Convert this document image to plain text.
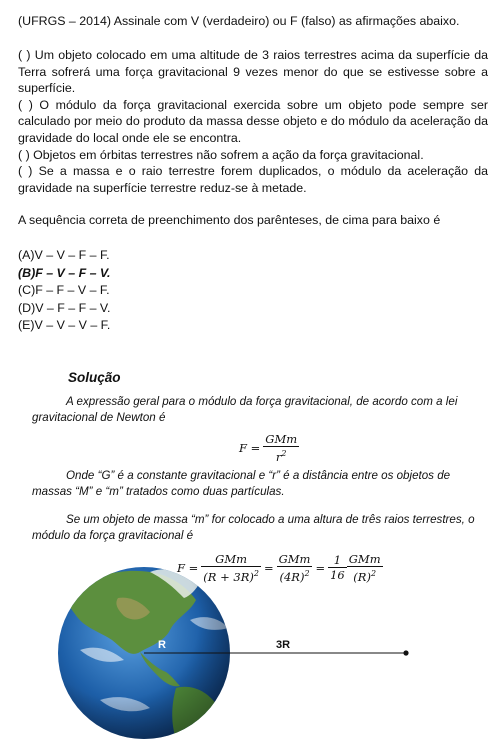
(UFRGS – 2014) Assinale com V (verdadeiro) ou F (falso) as afirmações abaixo.

( ) Um objeto colocado em uma altitude de 3 raios terrestres acima da superfície da Terra sofrerá uma força gravitacional 9 vezes menor do que se estivesse sobre a superfície.

( ) O módulo da força gravitacional exercida sobre um objeto pode sempre ser calculado por meio do produto da massa desse objeto e do módulo da aceleração da gravidade do local onde ele se encontra.

( ) Objetos em órbitas terrestres não sofrem a ação da força gravitacional.

( ) Se a massa e o raio terrestre forem duplicados, o módulo da aceleração da gravidade na superfície terrestre reduz-se à metade.

A sequência correta de preenchimento dos parênteses, de cima para baixo é

(A)V – V – F – F.

(B)F – V – F – V.

(C)F – F – V – F.

(D)V – F – F – V.

(E)V – V – V – F.

Solução
A expressão geral para o módulo da força gravitacional, de acordo com a lei gravitacional de Newton é
$F = \frac{\text{GMm}}{r^2}$
Onde “G” é a constante gravitacional e “r” é a distância entre os objetos de massas “M” e “m” tratados como duas partículas.
Se um objeto de massa “m” for colocado a uma altura de três raios terrestres, o módulo da força gravitacional é
$F = \frac{\text{GMm}}{(R + 3R)^2} = \frac{\text{GMm}}{(4R)^2} = \frac{1}{16} \frac{\text{GMm}}{(R)^2}$
R	3R
